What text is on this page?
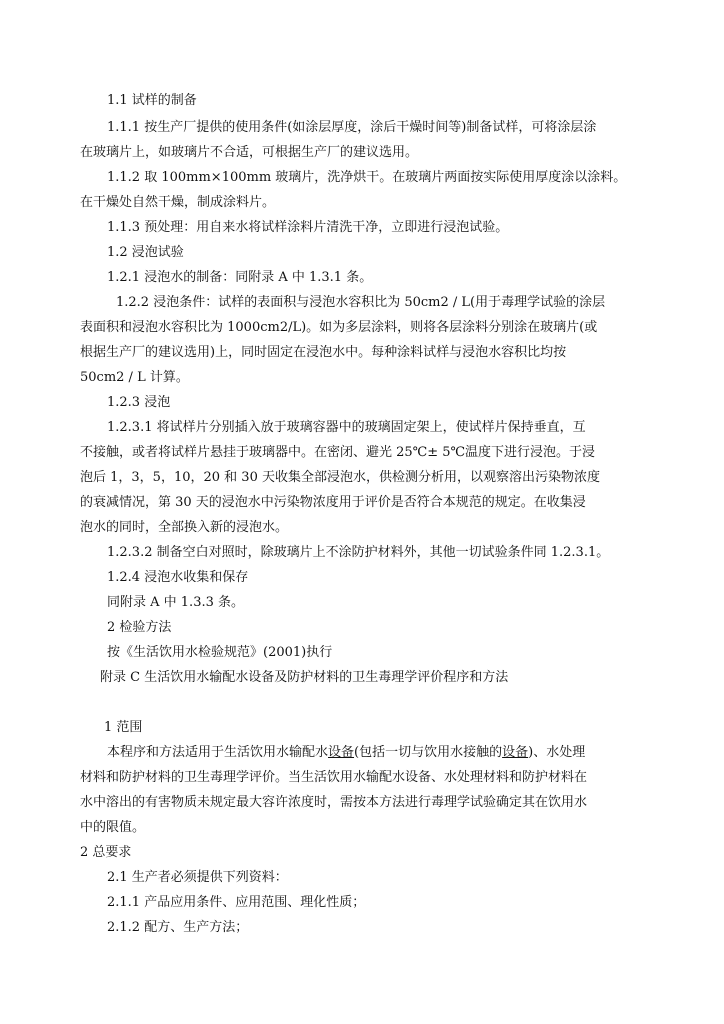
1.1 试样的制备

1.1.1 按生产厂提供的使用条件(如涂层厚度，涂后干燥时间等)制备试样，可将涂层涂

在玻璃片上，如玻璃片不合适，可根据生产厂的建议选用。

1.1.2 取 100mm×100mm 玻璃片，洗净烘干。在玻璃片两面按实际使用厚度涂以涂料。

在干燥处自然干燥，制成涂料片。

1.1.3 预处理：用自来水将试样涂料片清洗干净，立即进行浸泡试验。

1.2 浸泡试验

1.2.1 浸泡水的制备：同附录 A 中 1.3.1 条。

1.2.2 浸泡条件：试样的表面积与浸泡水容积比为 50cm2 / L(用于毒理学试验的涂层

表面积和浸泡水容积比为 1000cm2/L)。如为多层涂料，则将各层涂料分别涂在玻璃片(或

根据生产厂的建议选用)上，同时固定在浸泡水中。每种涂料试样与浸泡水容积比均按

50cm2 / L 计算。

1.2.3 浸泡

1.2.3.1 将试样片分别插入放于玻璃容器中的玻璃固定架上，使试样片保持垂直，互

不接触，或者将试样片悬挂于玻璃器中。在密闭、避光 25℃± 5℃温度下进行浸泡。于浸

泡后 1，3，5，10，20 和 30 天收集全部浸泡水，供检测分析用，以观察溶出污染物浓度

的衰减情况，第 30 天的浸泡水中污染物浓度用于评价是否符合本规范的规定。在收集浸

泡水的同时，全部换入新的浸泡水。

1.2.3.2 制备空白对照时，除玻璃片上不涂防护材料外，其他一切试验条件同 1.2.3.1。

1.2.4 浸泡水收集和保存

同附录 A 中 1.3.3 条。

2 检验方法

按《生活饮用水检验规范》(2001)执行

附录 C 生活饮用水输配水设备及防护材料的卫生毒理学评价程序和方法

1 范围

本程序和方法适用于生活饮用水输配水设备(包括一切与饮用水接触的设备)、水处理

材料和防护材料的卫生毒理学评价。当生活饮用水输配水设备、水处理材料和防护材料在

水中溶出的有害物质未规定最大容许浓度时，需按本方法进行毒理学试验确定其在饮用水

中的限值。

2 总要求

2.1 生产者必须提供下列资料：

2.1.1 产品应用条件、应用范围、理化性质；

2.1.2 配方、生产方法；
